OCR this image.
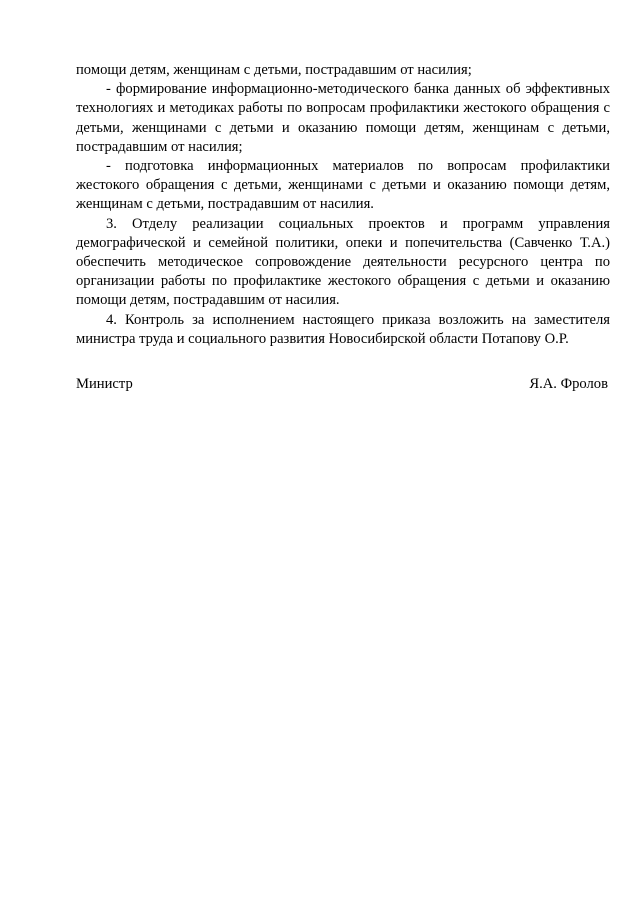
помощи детям, женщинам с детьми, пострадавшим от насилия;

- формирование информационно-методического банка данных об эффективных технологиях и методиках работы по вопросам профилактики жестокого обращения с детьми, женщинами с детьми и оказанию помощи детям, женщинам с детьми, пострадавшим от насилия;

- подготовка информационных материалов по вопросам профилактики жестокого обращения с детьми, женщинами с детьми и оказанию помощи детям, женщинам с детьми, пострадавшим от насилия.

3. Отделу реализации социальных проектов и программ управления демографической и семейной политики, опеки и попечительства (Савченко Т.А.) обеспечить методическое сопровождение деятельности ресурсного центра по организации работы по профилактике жестокого обращения с детьми и оказанию помощи детям, пострадавшим от насилия.

4. Контроль за исполнением настоящего приказа возложить на заместителя министра труда и социального развития Новосибирской области Потапову О.Р.

Министр	Я.А. Фролов
